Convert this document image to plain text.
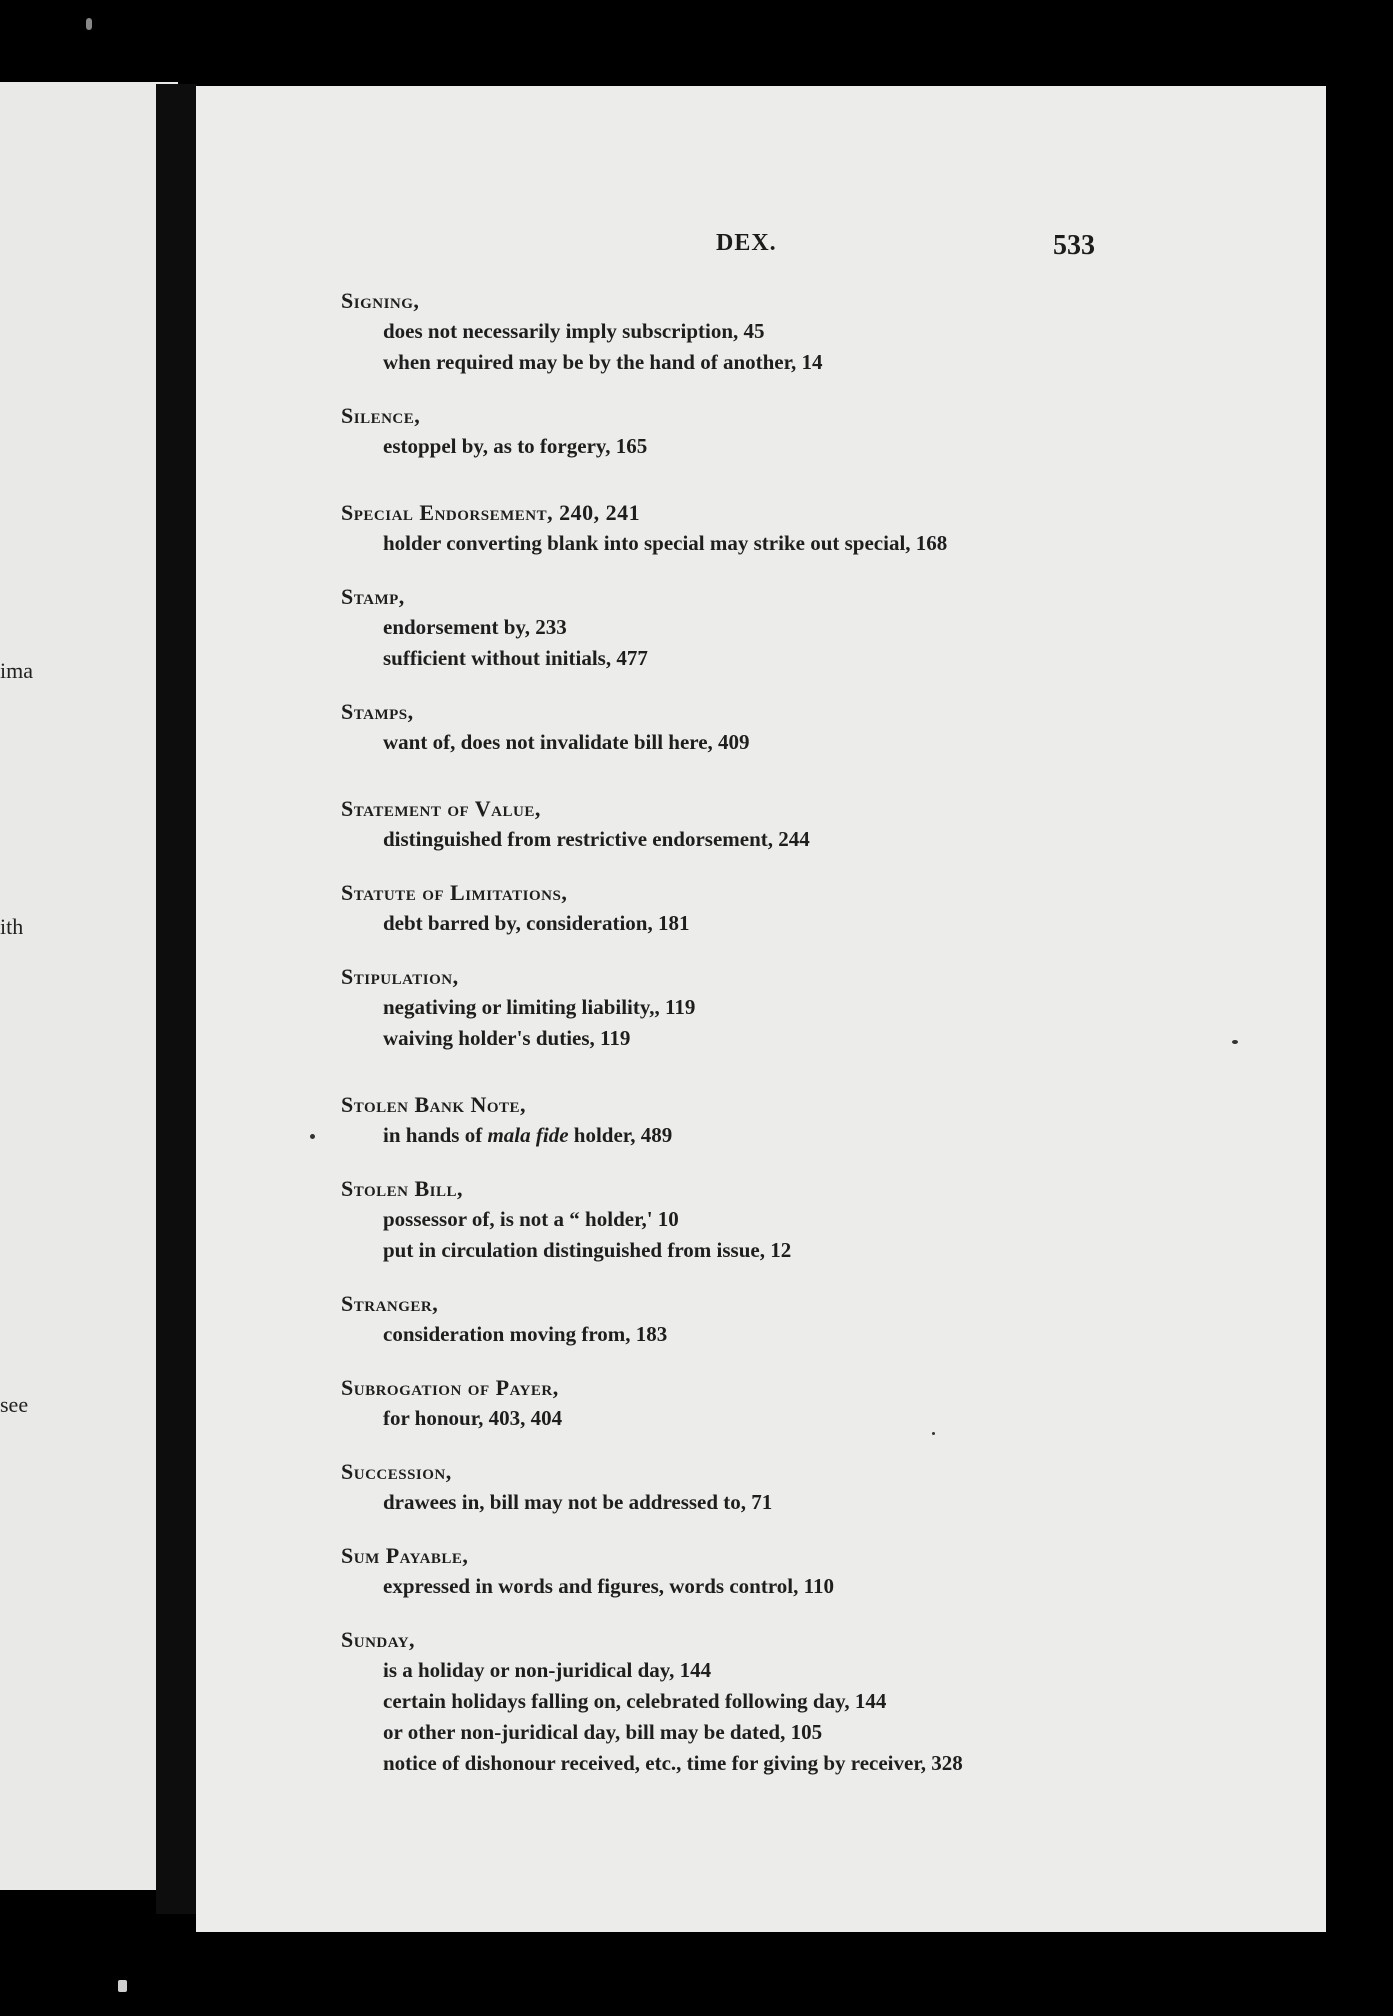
ima
ith
see
DEX.	533
Signing,
does not necessarily imply subscription, 45
when required may be by the hand of another, 14
Silence,
estoppel by, as to forgery, 165
Special Endorsement, 240, 241
holder converting blank into special may strike out special, 168
Stamp,
endorsement by, 233
sufficient without initials, 477
Stamps,
want of, does not invalidate bill here, 409
Statement of Value,
distinguished from restrictive endorsement, 244
Statute of Limitations,
debt barred by, consideration, 181
Stipulation,
negativing or limiting liability,, 119
waiving holder's duties, 119
Stolen Bank Note,
in hands of mala fide holder, 489
Stolen Bill,
possessor of, is not a “ holder,' 10
put in circulation distinguished from issue, 12
Stranger,
consideration moving from, 183
Subrogation of Payer,
for honour, 403, 404
Succession,
drawees in, bill may not be addressed to, 71
Sum Payable,
expressed in words and figures, words control, 110
Sunday,
is a holiday or non-juridical day, 144
certain holidays falling on, celebrated following day, 144
or other non-juridical day, bill may be dated, 105
notice of dishonour received, etc., time for giving by receiver, 328
